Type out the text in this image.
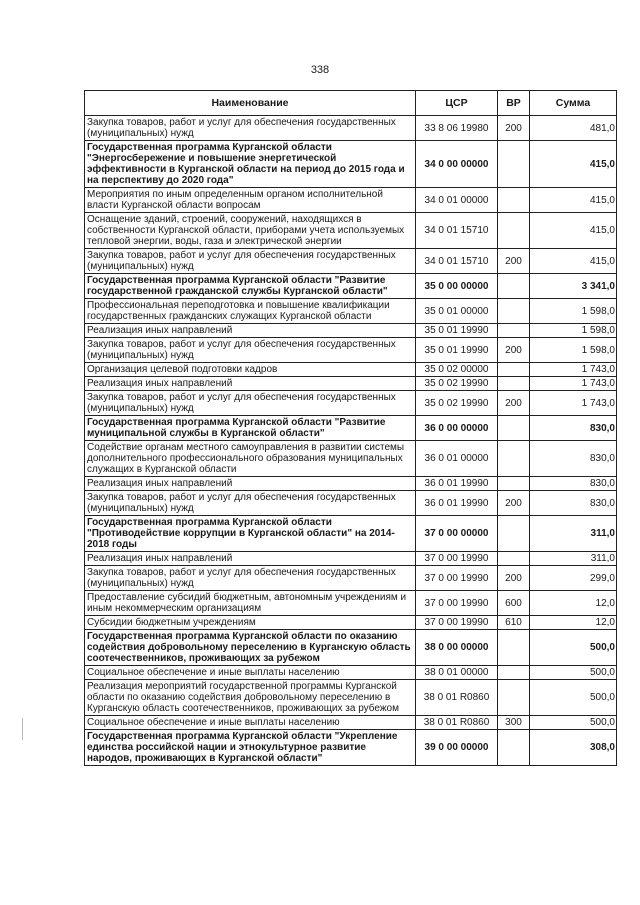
338
Наименование	ЦСР	ВР	Сумма
Закупка товаров, работ и услуг для обеспечения государственных (муниципальных) нужд	33 8 06 19980	200	481,0
Государственная программа Курганской области "Энергосбережение и повышение энергетической эффективности в Курганской области на период до 2015 года и на перспективу до 2020 года"	34 0 00 00000		415,0
Мероприятия по иным определенным органом исполнительной власти Курганской области вопросам	34 0 01 00000		415,0
Оснащение зданий, строений, сооружений, находящихся в собственности Курганской области, приборами учета используемых тепловой энергии, воды, газа и электрической энергии	34 0 01 15710		415,0
Закупка товаров, работ и услуг для обеспечения государственных (муниципальных) нужд	34 0 01 15710	200	415,0
Государственная программа Курганской области "Развитие государственной гражданской службы Курганской области"	35 0 00 00000		3 341,0
Профессиональная переподготовка и повышение квалификации государственных гражданских служащих Курганской области	35 0 01 00000		1 598,0
Реализация иных направлений	35 0 01 19990		1 598,0
Закупка товаров, работ и услуг для обеспечения государственных (муниципальных) нужд	35 0 01 19990	200	1 598,0
Организация целевой подготовки кадров	35 0 02 00000		1 743,0
Реализация иных направлений	35 0 02 19990		1 743,0
Закупка товаров, работ и услуг для обеспечения государственных (муниципальных) нужд	35 0 02 19990	200	1 743,0
Государственная программа Курганской области "Развитие муниципальной службы в Курганской области"	36 0 00 00000		830,0
Содействие органам местного самоуправления в развитии системы дополнительного профессионального образования муниципальных служащих в Курганской области	36 0 01 00000		830,0
Реализация иных направлений	36 0 01 19990		830,0
Закупка товаров, работ и услуг для обеспечения государственных (муниципальных) нужд	36 0 01 19990	200	830,0
Государственная программа Курганской области "Противодействие коррупции в Курганской области" на 2014-2018 годы	37 0 00 00000		311,0
Реализация иных направлений	37 0 00 19990		311,0
Закупка товаров, работ и услуг для обеспечения государственных (муниципальных) нужд	37 0 00 19990	200	299,0
Предоставление субсидий бюджетным, автономным учреждениям и иным некоммерческим организациям	37 0 00 19990	600	12,0
Субсидии бюджетным учреждениям	37 0 00 19990	610	12,0
Государственная программа Курганской области по оказанию содействия добровольному переселению в Курганскую область соотечественников, проживающих за рубежом	38 0 00 00000		500,0
Социальное обеспечение и иные выплаты населению	38 0 01 00000		500,0
Реализация мероприятий государственной программы Курганской области по оказанию содействия добровольному переселению в Курганскую область соотечественников, проживающих за рубежом	38 0 01 R0860		500,0
Социальное обеспечение и иные выплаты населению	38 0 01 R0860	300	500,0
Государственная программа Курганской области "Укрепление единства российской нации и этнокультурное развитие народов, проживающих в Курганской области"	39 0 00 00000		308,0
